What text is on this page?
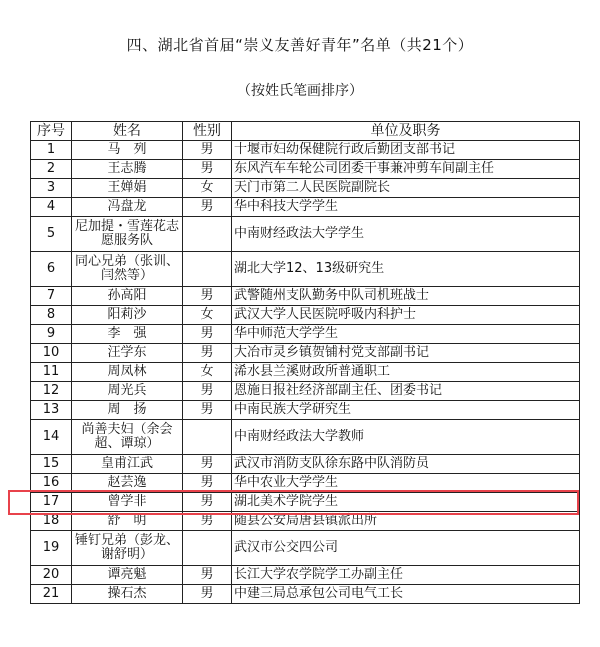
四、湖北省首届“崇义友善好青年”名单（共21个）

（按姓氏笔画排序）

序号	姓名	性别	单位及职务
1	马　列	男	十堰市妇幼保健院行政后勤团支部书记
2	王志腾	男	东风汽车车轮公司团委干事兼冲剪车间副主任
3	王婵娟	女	天门市第二人民医院副院长
4	冯盘龙	男	华中科技大学学生
5	尼加提・雪莲花志愿服务队		中南财经政法大学学生
6	同心兄弟（张训、闫然等）		湖北大学12、13级研究生
7	孙高阳	男	武警随州支队勤务中队司机班战士
8	阳莉沙	女	武汉大学人民医院呼吸内科护士
9	李　强	男	华中师范大学学生
10	汪学东	男	大冶市灵乡镇贺铺村党支部副书记
11	周凤林	女	浠水县兰溪财政所普通职工
12	周光兵	男	恩施日报社经济部副主任、团委书记
13	周　扬	男	中南民族大学研究生
14	尚善夫妇（余会超、谭琼）		中南财经政法大学教师
15	皇甫江武	男	武汉市消防支队徐东路中队消防员
16	赵芸逸	男	华中农业大学学生
17	曾学非	男	湖北美术学院学生
18	舒　明	男	随县公安局唐县镇派出所
19	锤钉兄弟（彭龙、谢舒明）		武汉市公交四公司
20	谭亮魁	男	长江大学农学院学工办副主任
21	操石杰	男	中建三局总承包公司电气工长
